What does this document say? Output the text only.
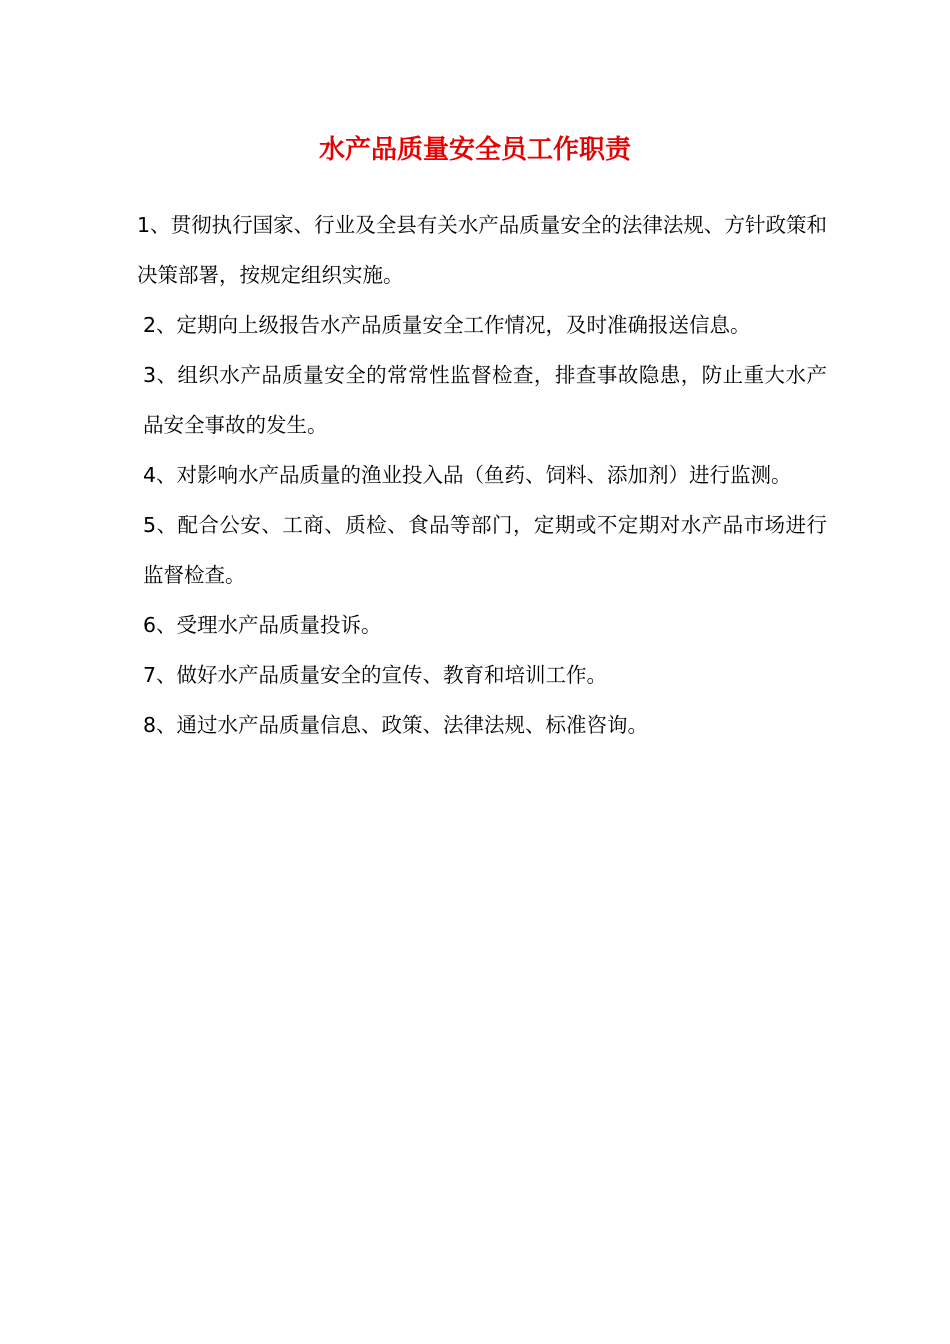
水产品质量安全员工作职责

1、贯彻执行国家、行业及全县有关水产品质量安全的法律法规、方针政策和决策部署，按规定组织实施。

2、定期向上级报告水产品质量安全工作情况，及时准确报送信息。

3、组织水产品质量安全的常常性监督检查，排查事故隐患，防止重大水产品安全事故的发生。

4、对影响水产品质量的渔业投入品（鱼药、饲料、添加剂）进行监测。

5、配合公安、工商、质检、食品等部门，定期或不定期对水产品市场进行监督检查。

6、受理水产品质量投诉。

7、做好水产品质量安全的宣传、教育和培训工作。

8、通过水产品质量信息、政策、法律法规、标准咨询。
